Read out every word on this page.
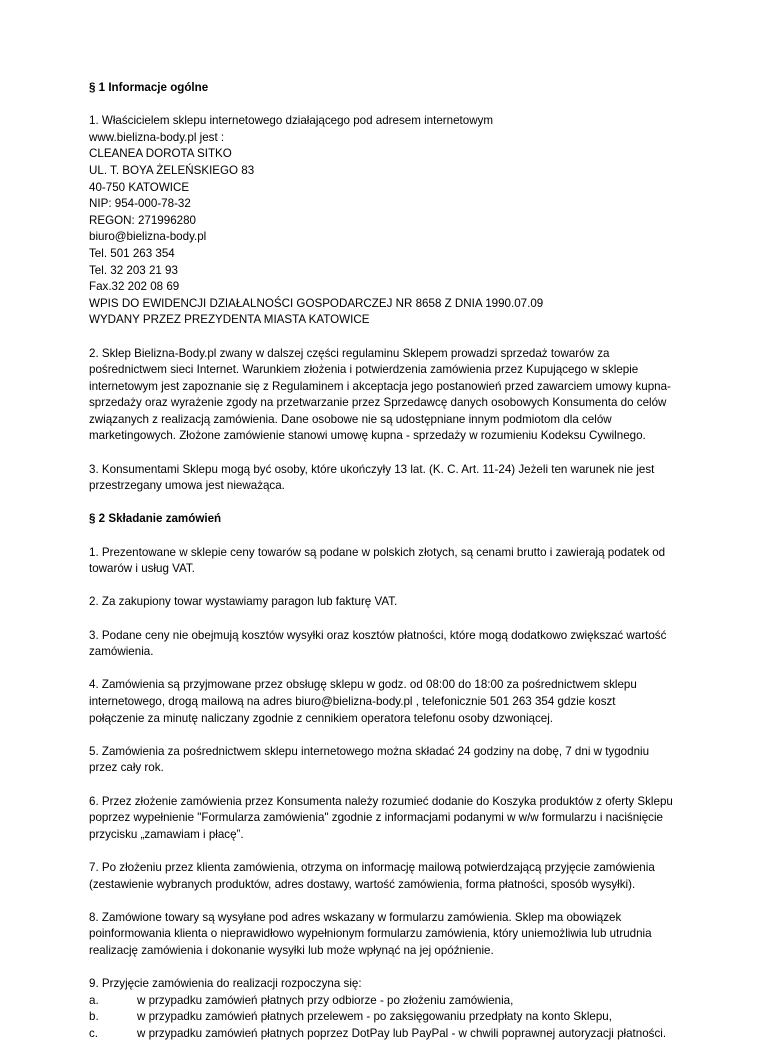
§ 1 Informacje ogólne

1. Właścicielem sklepu internetowego działającego pod adresem internetowym
www.bielizna-body.pl jest :
CLEANEA DOROTA SITKO
UL. T. BOYA ŻELEŃSKIEGO 83
40-750 KATOWICE
NIP: 954-000-78-32
REGON: 271996280
biuro@bielizna-body.pl
Tel. 501 263 354
Tel. 32 203 21 93
Fax.32 202 08 69
WPIS DO EWIDENCJI DZIAŁALNOŚCI GOSPODARCZEJ NR 8658 Z DNIA 1990.07.09
WYDANY PRZEZ PREZYDENTA MIASTA KATOWICE

2. Sklep Bielizna-Body.pl zwany w dalszej części regulaminu Sklepem prowadzi sprzedaż towarów za
pośrednictwem sieci Internet. Warunkiem złożenia i potwierdzenia zamówienia przez Kupującego w sklepie
internetowym jest zapoznanie się z Regulaminem i akceptacja jego postanowień przed zawarciem umowy kupna-
sprzedaży oraz wyrażenie zgody na przetwarzanie przez Sprzedawcę danych osobowych Konsumenta do celów
związanych z realizacją zamówienia. Dane osobowe nie są udostępniane innym podmiotom dla celów
marketingowych. Złożone zamówienie stanowi umowę kupna - sprzedaży w rozumieniu Kodeksu Cywilnego.

3. Konsumentami Sklepu mogą być osoby, które ukończyły 13 lat. (K. C. Art. 11-24) Jeżeli ten warunek nie jest
przestrzegany umowa jest nieważąca.

§ 2 Składanie zamówień

1. Prezentowane w sklepie ceny towarów są podane w polskich złotych, są cenami brutto i zawierają podatek od
towarów i usług VAT.

2. Za zakupiony towar wystawiamy paragon lub fakturę VAT.

3. Podane ceny nie obejmują kosztów wysyłki oraz kosztów płatności, które mogą dodatkowo zwiększać wartość
zamówienia.

4. Zamówienia są przyjmowane przez obsługę sklepu w godz. od 08:00 do 18:00 za pośrednictwem sklepu
internetowego, drogą mailową na adres biuro@bielizna-body.pl , telefonicznie 501 263 354 gdzie koszt
połączenie za minutę naliczany zgodnie z cennikiem operatora telefonu osoby dzwoniącej.

5. Zamówienia za pośrednictwem sklepu internetowego można składać 24 godziny na dobę, 7 dni w tygodniu
przez cały rok.

6. Przez złożenie zamówienia przez Konsumenta należy rozumieć dodanie do Koszyka produktów z oferty Sklepu
poprzez wypełnienie "Formularza zamówienia" zgodnie z informacjami podanymi w w/w formularzu i naciśnięcie
przycisku „zamawiam i płacę”.

7. Po złożeniu przez klienta zamówienia, otrzyma on informację mailową potwierdzającą przyjęcie zamówienia
(zestawienie wybranych produktów, adres dostawy, wartość zamówienia, forma płatności, sposób wysyłki).

8. Zamówione towary są wysyłane pod adres wskazany w formularzu zamówienia. Sklep ma obowiązek
poinformowania klienta o nieprawidłowo wypełnionym formularzu zamówienia, który uniemożliwia lub utrudnia
realizację zamówienia i dokonanie wysyłki lub może wpłynąć na jej opóźnienie.

9. Przyjęcie zamówienia do realizacji rozpoczyna się:

a.	w przypadku zamówień płatnych przy odbiorze - po złożeniu zamówienia,
b.	w przypadku zamówień płatnych przelewem - po zaksięgowaniu przedpłaty na konto Sklepu,
c.	w przypadku zamówień płatnych poprzez DotPay lub PayPal - w chwili poprawnej autoryzacji płatności.
